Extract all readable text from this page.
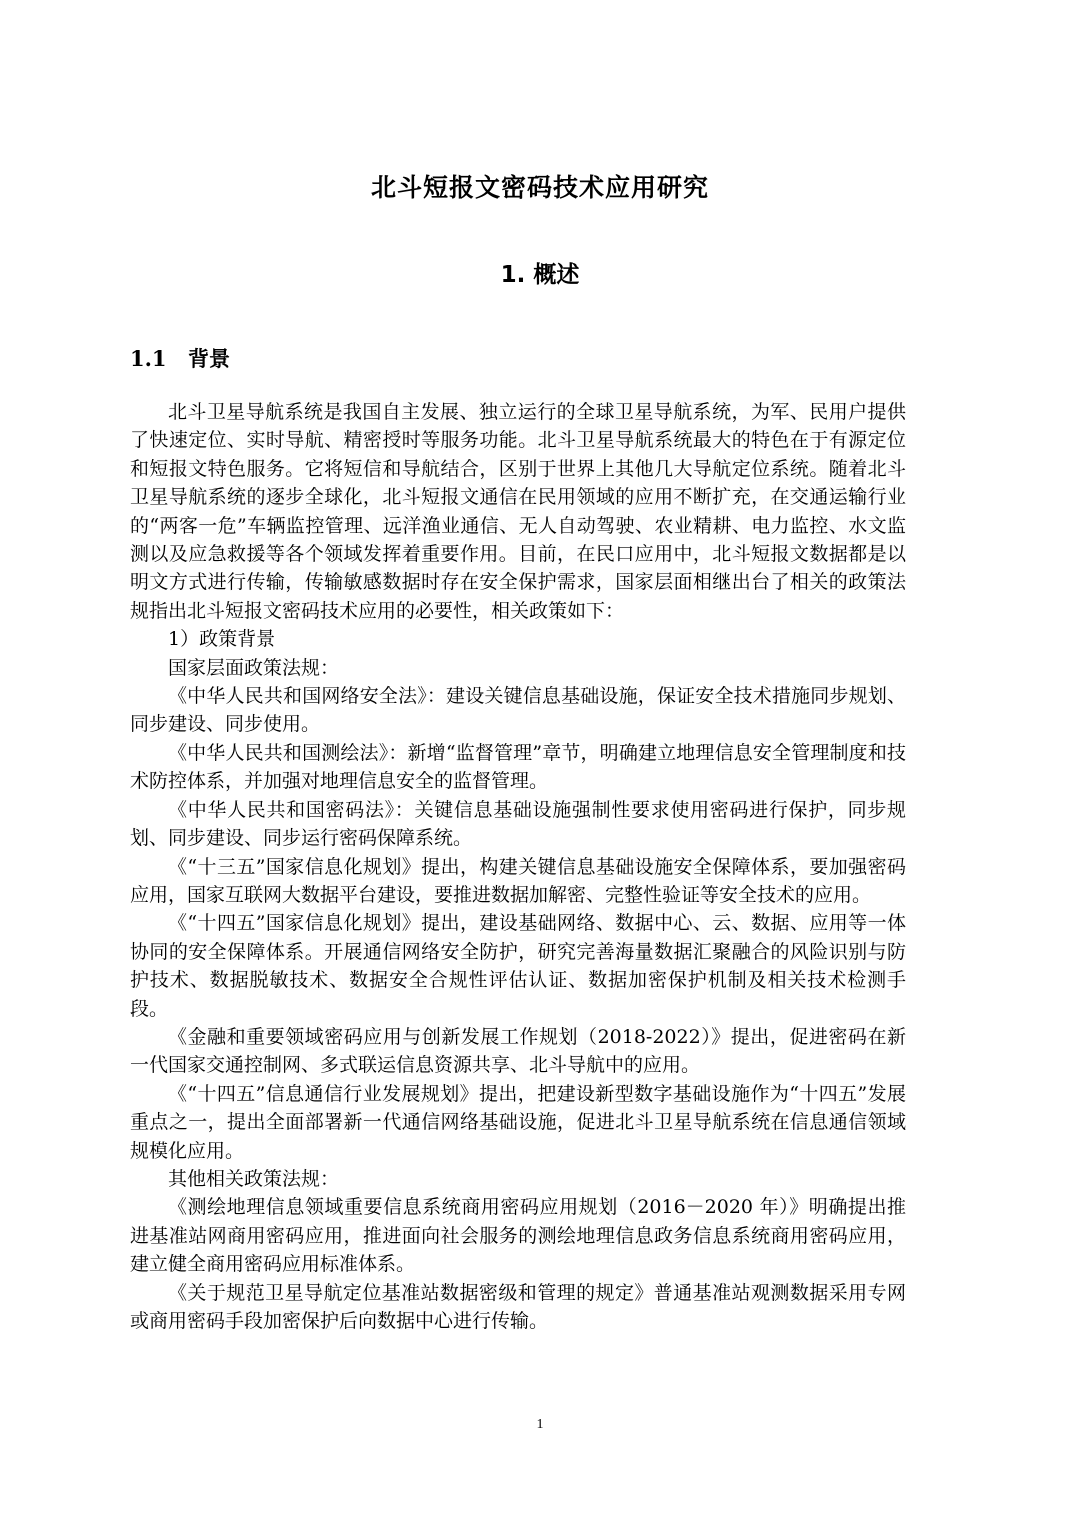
北斗短报文密码技术应用研究
1. 概述
1.1 背景

北斗卫星导航系统是我国自主发展、独立运行的全球卫星导航系统，为军、民用户提供了快速定位、实时导航、精密授时等服务功能。北斗卫星导航系统最大的特色在于有源定位和短报文特色服务。它将短信和导航结合，区别于世界上其他几大导航定位系统。随着北斗卫星导航系统的逐步全球化，北斗短报文通信在民用领域的应用不断扩充，在交通运输行业的“两客一危”车辆监控管理、远洋渔业通信、无人自动驾驶、农业精耕、电力监控、水文监测以及应急救援等各个领域发挥着重要作用。目前，在民口应用中，北斗短报文数据都是以明文方式进行传输，传输敏感数据时存在安全保护需求，国家层面相继出台了相关的政策法规指出北斗短报文密码技术应用的必要性，相关政策如下：

1）政策背景

国家层面政策法规：

《中华人民共和国网络安全法》：建设关键信息基础设施，保证安全技术措施同步规划、同步建设、同步使用。

《中华人民共和国测绘法》：新增“监督管理”章节，明确建立地理信息安全管理制度和技术防控体系，并加强对地理信息安全的监督管理。

《中华人民共和国密码法》：关键信息基础设施强制性要求使用密码进行保护，同步规划、同步建设、同步运行密码保障系统。

《“十三五”国家信息化规划》提出，构建关键信息基础设施安全保障体系，要加强密码应用，国家互联网大数据平台建设，要推进数据加解密、完整性验证等安全技术的应用。

《“十四五”国家信息化规划》提出，建设基础网络、数据中心、云、数据、应用等一体协同的安全保障体系。开展通信网络安全防护，研究完善海量数据汇聚融合的风险识别与防护技术、数据脱敏技术、数据安全合规性评估认证、数据加密保护机制及相关技术检测手段。

《金融和重要领域密码应用与创新发展工作规划（2018-2022）》提出，促进密码在新一代国家交通控制网、多式联运信息资源共享、北斗导航中的应用。

《“十四五”信息通信行业发展规划》提出，把建设新型数字基础设施作为“十四五”发展重点之一，提出全面部署新一代通信网络基础设施，促进北斗卫星导航系统在信息通信领域规模化应用。

其他相关政策法规：

《测绘地理信息领域重要信息系统商用密码应用规划（2016－2020 年）》明确提出推进基准站网商用密码应用，推进面向社会服务的测绘地理信息政务信息系统商用密码应用，建立健全商用密码应用标准体系。

《关于规范卫星导航定位基准站数据密级和管理的规定》普通基准站观测数据采用专网或商用密码手段加密保护后向数据中心进行传输。

1
